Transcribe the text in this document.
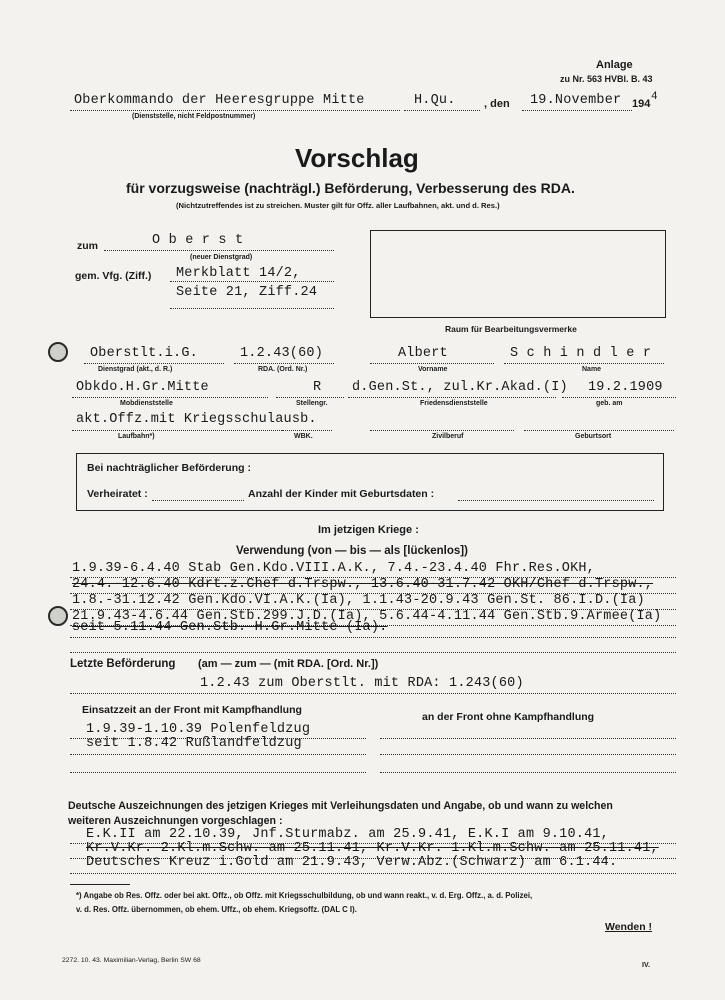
Anlage
zu Nr. 563 HVBl. B. 43
Oberkommando der Heeresgruppe Mitte
(Dienststelle, nicht Feldpostnummer)
H.Qu.	, den 19.November 194
4
Vorschlag
für vorzugsweise (nachträgl.) Beförderung, Verbesserung des RDA.
(Nichtzutreffendes ist zu streichen. Muster gilt für Offz. aller Laufbahnen, akt. und d. Res.)
zum	O b e r s t
(neuer Dienstgrad)
gem. Vfg. (Ziff.) Merkblatt 14/2,
Seite 21, Ziff.24
Raum für Bearbeitungsvermerke
Oberstlt.i.G.
Dienstgrad (akt., d. R.)
1.2.43(60)
RDA. (Ord. Nr.)
Albert
Vorname
S c h i n d l e r
Name
Obkdo.H.Gr.Mitte
Mobdienststelle
R
Stellengr.
d.Gen.St., zul.Kr.Akad.(I)
Friedensdienststelle
19.2.1909
geb. am
akt.Offz.mit Kriegsschulausb.
Laufbahn*)	WBK.	Zivilberuf	Geburtsort
Bei nachträglicher Beförderung :
Verheiratet :	Anzahl der Kinder mit Geburtsdaten :
Im jetzigen Kriege :
Verwendung (von — bis — als [lückenlos])
1.9.39-6.4.40 Stab Gen.Kdo.VIII.A.K., 7.4.-23.4.40 Fhr.Res.OKH,
24.4.-12.6.40 Kdrt.z.Chef d.Trspw., 13.6.40-31.7.42 OKH/Chef d.Trspw.,
1.8.-31.12.42 Gen.Kdo.VI.A.K.(Ia), 1.1.43-20.9.43 Gen.St. 86.I.D.(Ia)
21.9.43-4.6.44 Gen.Stb.299.J.D.(Ia), 5.6.44-4.11.44 Gen.Stb.9.Armee(Ia)
seit 5.11.44 Gen.Stb. H.Gr.Mitte (Ia).
Letzte Beförderung (am — zum — (mit RDA. [Ord. Nr.])
1.2.43 zum Oberstlt. mit RDA: 1.243(60)
Einsatzzeit an der Front mit Kampfhandlung
an der Front ohne Kampfhandlung
1.9.39-1.10.39 Polenfeldzug
seit 1.8.42 Rußlandfeldzug
Deutsche Auszeichnungen des jetzigen Krieges mit Verleihungsdaten und Angabe, ob und wann zu welchen
weiteren Auszeichnungen vorgeschlagen :
E.K.II am 22.10.39, Jnf.Sturmabz. am 25.9.41, E.K.I am 9.10.41,
Kr.V.Kr. 2.Kl.m.Schw. am 25.11.41, Kr.V.Kr. 1.Kl.m.Schw. am 25.11.41,
Deutsches Kreuz i.Gold am 21.9.43, Verw.Abz.(Schwarz) am 6.1.44.
*) Angabe ob Res. Offz. oder bei akt. Offz., ob Offz. mit Kriegsschulbildung, ob und wann reakt., v. d. Erg. Offz., a. d. Polizei,
v. d. Res. Offz. übernommen, ob ehem. Uffz., ob ehem. Kriegsoffz. (DAL C I).
Wenden !
2272. 10. 43. Maximilian-Verlag, Berlin SW 68
IV.
